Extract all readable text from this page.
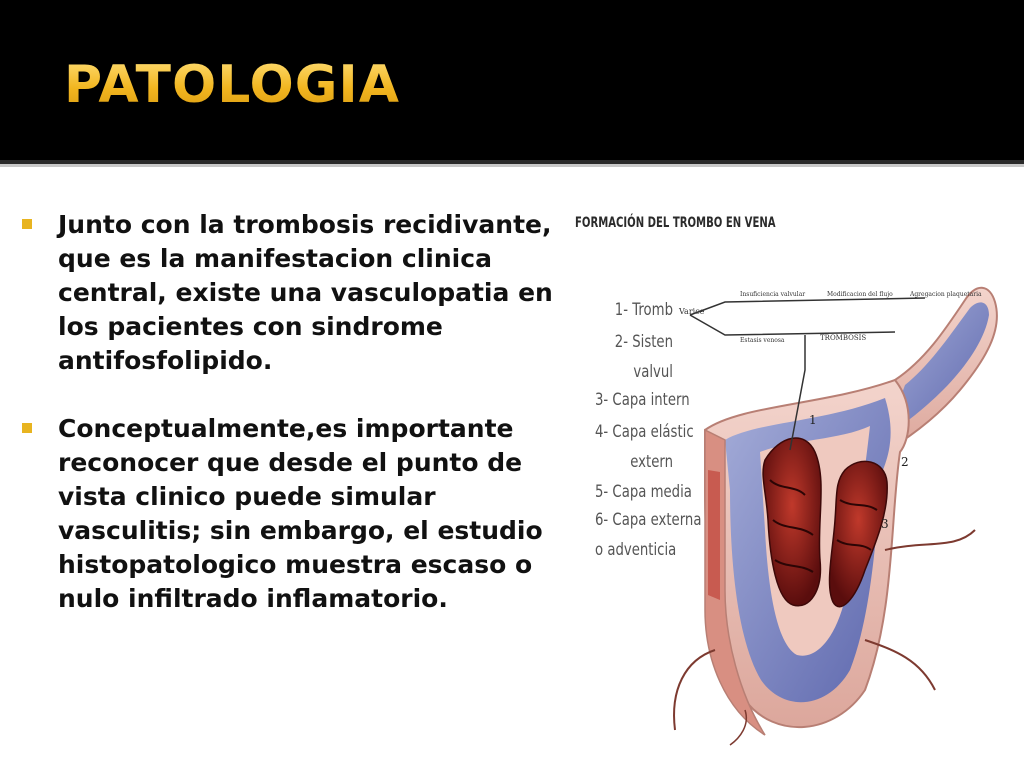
PATOLOGIA
Junto con la trombosis recidivante, que es la manifestacion clinica central, existe una vasculopatia en los pacientes con sindrome antifosfolipido.
Conceptualmente,es importante reconocer que desde el punto de vista clinico puede simular vasculitis; sin embargo, el estudio histopatologico muestra escaso o nulo infiltrado inflamatorio.
1
2
3
Varice
Insuficiencia valvular	Modificacion del flujo	Agregacion plaquetaria
Estasis venosa	TROMBOSIS
FORMACIÓN DEL TROMBO EN VENA
1- Tromb
2- Sisten
valvul
3- Capa intern
4- Capa elástic
extern
5- Capa media
6- Capa externa
o adventicia
